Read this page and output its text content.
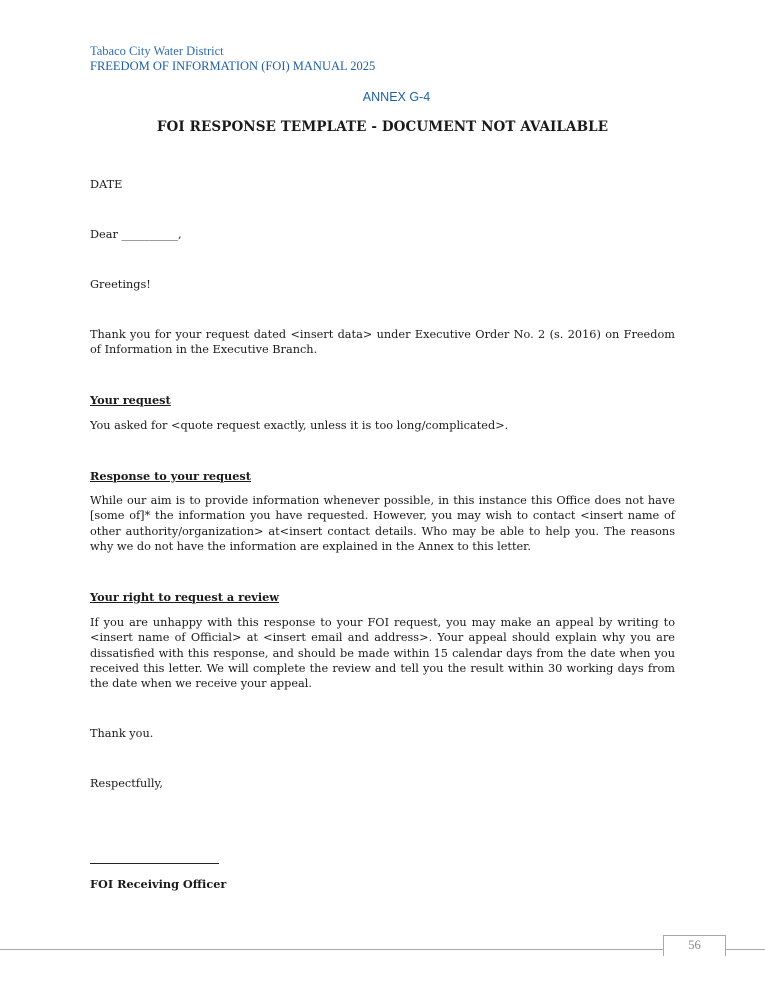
Tabaco City Water District
FREEDOM OF INFORMATION (FOI) MANUAL 2025
ANNEX G-4
FOI RESPONSE TEMPLATE - DOCUMENT NOT AVAILABLE
DATE
Dear __________,
Greetings!
Thank you for your request dated <insert data> under Executive Order No. 2 (s. 2016) on Freedom of Information in the Executive Branch.
Your request
You asked for <quote request exactly, unless it is too long/complicated>.
Response to your request
While our aim is to provide information whenever possible, in this instance this Office does not have [some of]* the information you have requested. However, you may wish to contact <insert name of other authority/organization> at<insert contact details. Who may be able to help you. The reasons why we do not have the information are explained in the Annex to this letter.
Your right to request a review
If you are unhappy with this response to your FOI request, you may make an appeal by writing to <insert name of Official> at <insert email and address>. Your appeal should explain why you are dissatisfied with this response, and should be made within 15 calendar days from the date when you received this letter. We will complete the review and tell you the result within 30 working days from the date when we receive your appeal.
Thank you.
Respectfully,
FOI Receiving Officer
56
